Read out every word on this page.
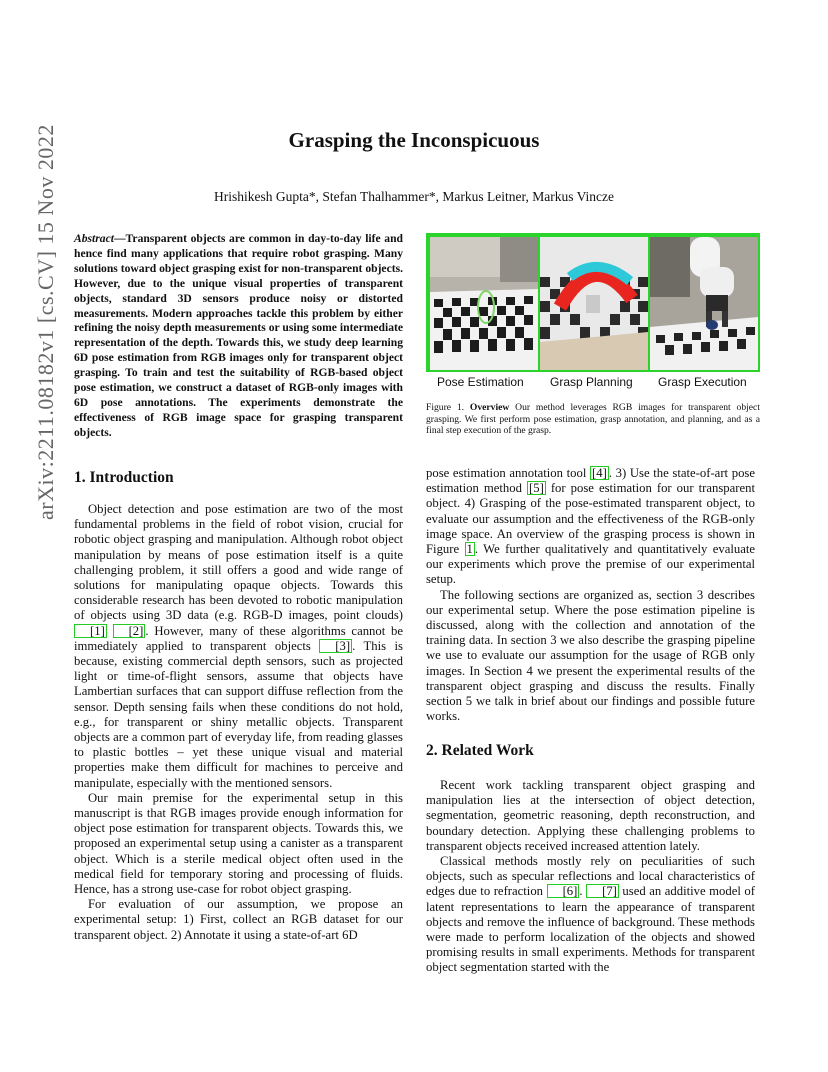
arXiv:2211.08182v1 [cs.CV] 15 Nov 2022	Grasping the Inconspicuous
Hrishikesh Gupta*, Stefan Thalhammer*, Markus Leitner, Markus Vincze
Abstract—Transparent objects are common in day-to-day life and hence find many applications that require robot grasping. Many solutions toward object grasping exist for non-transparent objects. However, due to the unique visual properties of transparent objects, standard 3D sensors produce noisy or distorted measurements. Modern approaches tackle this problem by either refining the noisy depth measurements or using some intermediate representation of the depth. Towards this, we study deep learning 6D pose estimation from RGB images only for transparent object grasping. To train and test the suitability of RGB-based object pose estimation, we construct a dataset of RGB-only images with 6D pose annotations. The experiments demonstrate the effectiveness of RGB image space for grasping transparent objects.
Pose Estimation Grasp Planning Grasp Execution
Figure 1. Overview Our method leverages RGB images for transparent object grasping. We first perform pose estimation, grasp annotation, and planning, and as a final step execution of the grasp.
1. Introduction

Object detection and pose estimation are two of the most fundamental problems in the field of robot vision, crucial for robotic object grasping and manipulation. Although robot object manipulation by means of pose estimation itself is a quite challenging problem, it still offers a good and wide range of solutions for manipulating opaque objects. Towards this considerable research has been devoted to robotic manipulation of objects using 3D data (e.g. RGB-D images, point clouds) [1] [2] . However, many of these algorithms cannot be immediately applied to transparent objects [3] . This is because, existing commercial depth sensors, such as projected light or time-of-flight sensors, assume that objects have Lambertian surfaces that can support diffuse reflection from the sensor. Depth sensing fails when these conditions do not hold, e.g., for transparent or shiny metallic objects. Transparent objects are a common part of everyday life, from reading glasses to plastic bottles – yet these unique visual and material properties make them difficult for machines to perceive and manipulate, especially with the mentioned sensors.

Our main premise for the experimental setup in this manuscript is that RGB images provide enough information for object pose estimation for transparent objects. Towards this, we proposed an experimental setup using a canister as a transparent object. Which is a sterile medical object often used in the medical field for temporary storing and processing of fluids. Hence, has a strong use-case for robot object grasping.

For evaluation of our assumption, we propose an experimental setup: 1) First, collect an RGB dataset for our transparent object. 2) Annotate it using a state-of-art 6D

pose estimation annotation tool [4] . 3) Use the state-of-art pose estimation method [5] for pose estimation for our transparent object. 4) Grasping of the pose-estimated transparent object, to evaluate our assumption and the effectiveness of the RGB-only image space. An overview of the grasping process is shown in Figure 1 . We further qualitatively and quantitatively evaluate our experiments which prove the premise of our experimental setup.

The following sections are organized as, section 3 describes our experimental setup. Where the pose estimation pipeline is discussed, along with the collection and annotation of the training data. In section 3 we also describe the grasping pipeline we use to evaluate our assumption for the usage of RGB only images. In Section 4 we present the experimental results of the transparent object grasping and discuss the results. Finally section 5 we talk in brief about our findings and possible future works.

2. Related Work

Recent work tackling transparent object grasping and manipulation lies at the intersection of object detection, segmentation, geometric reasoning, depth reconstruction, and boundary detection. Applying these challenging problems to transparent objects received increased attention lately.

Classical methods mostly rely on peculiarities of such objects, such as specular reflections and local characteristics of edges due to refraction [6] . [7] used an additive model of latent representations to learn the appearance of transparent objects and remove the influence of background. These methods were made to perform localization of the objects and showed promising results in small experiments. Methods for transparent object segmentation started with the
